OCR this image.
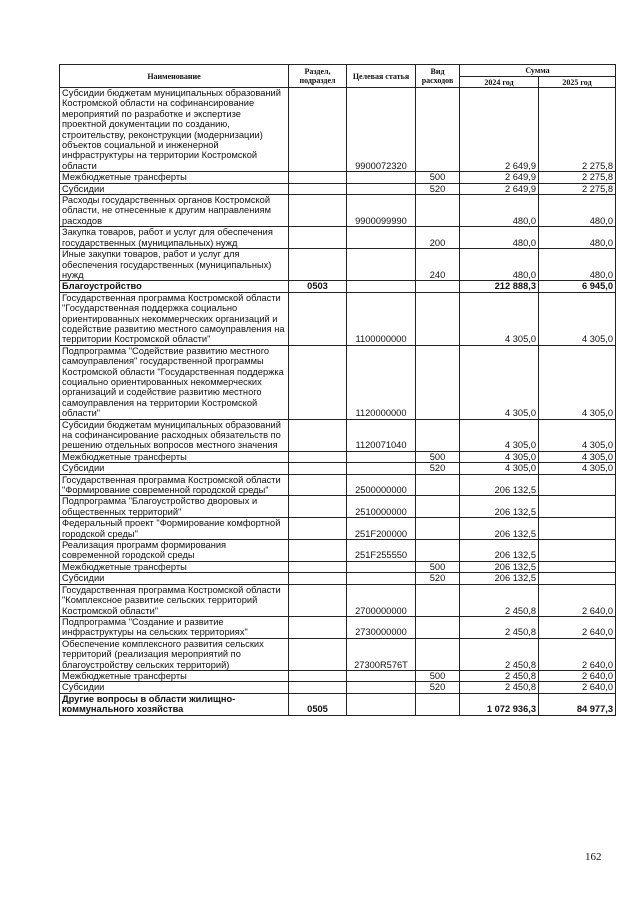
Наименование	Раздел, подраздел	Целевая статья	Вид расходов	Сумма	
				2024 год	2025 год
Субсидии бюджетам муниципальных образований Костромской области на софинансирование мероприятий по разработке и экспертизе проектной документации по созданию, строительству, реконструкции (модернизации) объектов социальной и инженерной инфраструктуры на территории Костромской области		9900072320		2 649,9	2 275,8
Межбюджетные трансферты			500	2 649,9	2 275,8
Субсидии			520	2 649,9	2 275,8
Расходы государственных органов Костромской области, не отнесенные к другим направлениям расходов		9900099990		480,0	480,0
Закупка товаров, работ и услуг для обеспечения государственных (муниципальных) нужд			200	480,0	480,0
Иные закупки товаров, работ и услуг для обеспечения государственных (муниципальных) нужд			240	480,0	480,0
Благоустройство	0503			212 888,3	6 945,0
Государственная программа Костромской области "Государственная поддержка социально ориентированных некоммерческих организаций и содействие развитию местного самоуправления на территории Костромской области"		1100000000		4 305,0	4 305,0
Подпрограмма "Содействие развитию местного самоуправления" государственной программы Костромской области "Государственная поддержка социально ориентированных некоммерческих организаций и содействие развитию местного самоуправления на территории Костромской области"		1120000000		4 305,0	4 305,0
Субсидии бюджетам муниципальных образований на софинансирование расходных обязательств по решению отдельных вопросов местного значения		1120071040		4 305,0	4 305,0
Межбюджетные трансферты			500	4 305,0	4 305,0
Субсидии			520	4 305,0	4 305,0
Государственная программа Костромской области "Формирование современной городской среды"		2500000000		206 132,5	
Подпрограмма "Благоустройство дворовых и общественных территорий"		2510000000		206 132,5	
Федеральный проект "Формирование комфортной городской среды"		251F200000		206 132,5	
Реализация программ формирования современной городской среды		251F255550		206 132,5	
Межбюджетные трансферты			500	206 132,5	
Субсидии			520	206 132,5	
Государственная программа Костромской области "Комплексное развитие сельских территорий Костромской области"		2700000000		2 450,8	2 640,0
Подпрограмма "Создание и развитие инфраструктуры на сельских территориях"		2730000000		2 450,8	2 640,0
Обеспечение комплексного развития сельских территорий (реализация мероприятий по благоустройству сельских территорий)		27300R576T		2 450,8	2 640,0
Межбюджетные трансферты			500	2 450,8	2 640,0
Субсидии			520	2 450,8	2 640,0
Другие вопросы в области жилищно-коммунального хозяйства	0505			1 072 936,3	84 977,3
162
